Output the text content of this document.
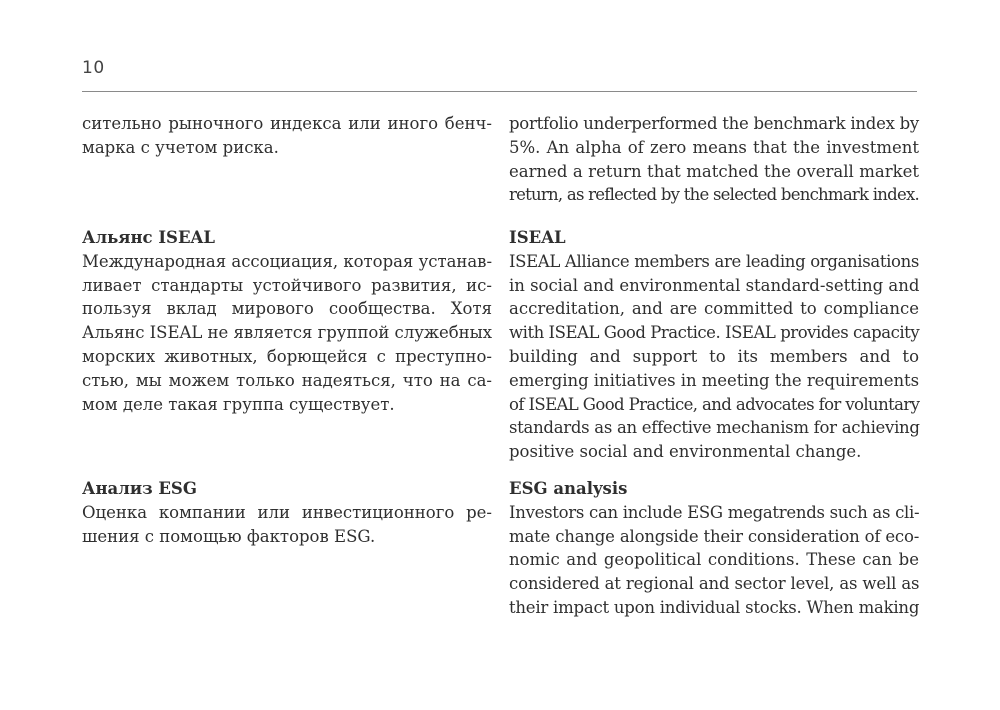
10
сительно рыночного индекса или иного бенч-
марка с учетом риска.
Альянс ISEAL
Международная ассоциация, которая устанав-
ливает стандарты устойчивого развития, ис-
пользуя вклад мирового сообщества. Хотя
Альянс ISEAL не является группой служебных
морских животных, борющейся с преступно-
стью, мы можем только надеяться, что на са-
мом деле такая группа существует.
Анализ ESG
Оценка компании или инвестиционного ре-
шения с помощью факторов ESG.
portfolio underperformed the benchmark index by
5%. An alpha of zero means that the investment
earned a return that matched the overall market
return, as reflected by the selected benchmark index.
ISEAL
ISEAL Alliance members are leading organisations
in social and environmental standard-setting and
accreditation, and are committed to compliance
with ISEAL Good Practice. ISEAL provides capacity
building and support to its members and to
emerging initiatives in meeting the requirements
of ISEAL Good Practice, and advocates for voluntary
standards as an effective mechanism for achieving
positive social and environmental change.
ESG analysis
Investors can include ESG megatrends such as cli-
mate change alongside their consideration of eco-
nomic and geopolitical conditions. These can be
considered at regional and sector level, as well as
their impact upon individual stocks. When making
